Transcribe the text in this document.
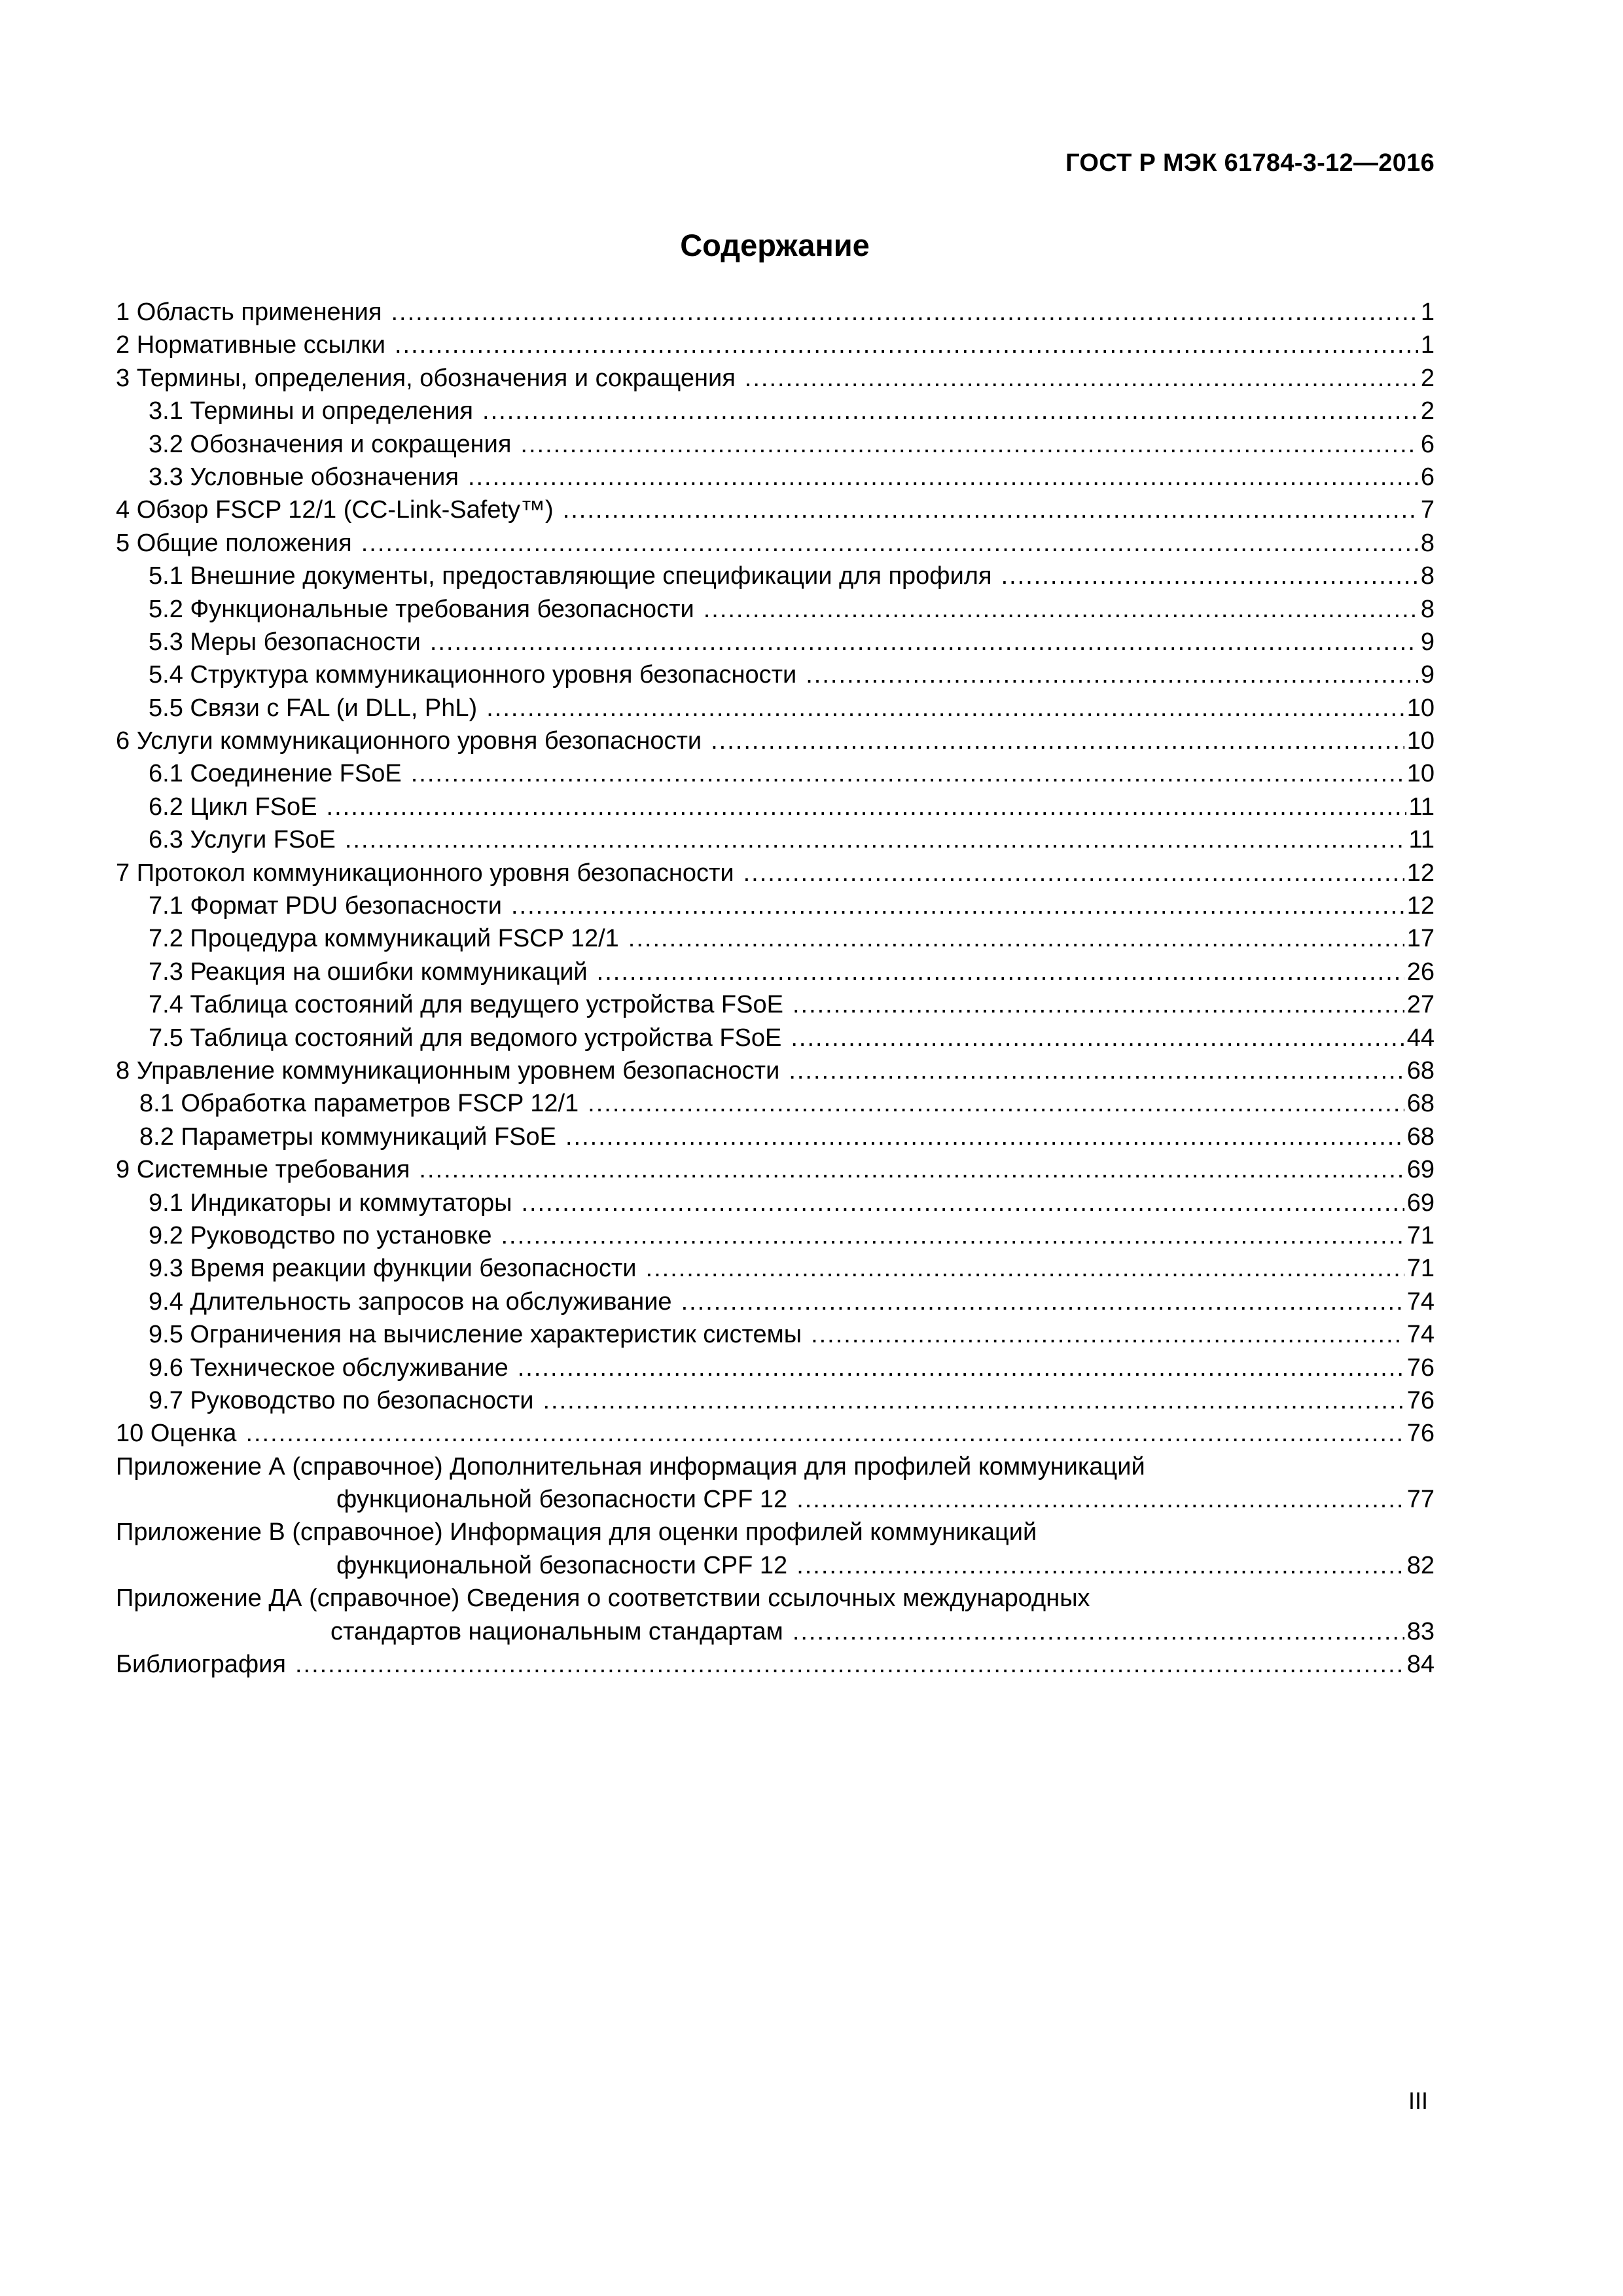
ГОСТ Р МЭК 61784-3-12—2016
Содержание
1 Область применения .....	1
2 Нормативные ссылки .....	1
3 Термины, определения, обозначения и сокращения .....	2
3.1 Термины и определения .....	2
3.2 Обозначения и сокращения .....	6
3.3 Условные обозначения .....	6
4 Обзор FSCP 12/1 (CC-Link-Safety™) .....	7
5 Общие положения .....	8
5.1 Внешние документы, предоставляющие спецификации для профиля .....	8
5.2 Функциональные требования безопасности .....	8
5.3 Меры безопасности .....	9
5.4 Структура коммуникационного уровня безопасности .....	9
5.5 Связи с FAL (и DLL, PhL) .....	10
6 Услуги коммуникационного уровня безопасности .....	10
6.1 Соединение FSoE .....	10
6.2 Цикл FSoE .....	11
6.3 Услуги FSoE .....	11
7 Протокол коммуникационного уровня безопасности .....	12
7.1 Формат PDU безопасности .....	12
7.2 Процедура коммуникаций FSCP 12/1 .....	17
7.3 Реакция на ошибки коммуникаций .....	26
7.4 Таблица состояний для ведущего устройства FSoE .....	27
7.5 Таблица состояний для ведомого устройства FSoE .....	44
8 Управление коммуникационным уровнем безопасности .....	68
8.1 Обработка параметров FSCP 12/1 .....	68
8.2 Параметры коммуникаций FSoE .....	68
9 Системные требования .....	69
9.1 Индикаторы и коммутаторы .....	69
9.2 Руководство по установке .....	71
9.3 Время реакции функции безопасности .....	71
9.4 Длительность запросов на обслуживание .....	74
9.5 Ограничения на вычисление характеристик системы .....	74
9.6 Техническое обслуживание .....	76
9.7 Руководство по безопасности .....	76
10 Оценка .....	76
Приложение А (справочное) Дополнительная информация для профилей коммуникаций
функциональной безопасности CPF 12 .....	77
Приложение В (справочное) Информация для оценки профилей коммуникаций
функциональной безопасности CPF 12 .....	82
Приложение ДА (справочное) Сведения о соответствии ссылочных международных
стандартов национальным стандартам .....	83
Библиография .....	84
III
